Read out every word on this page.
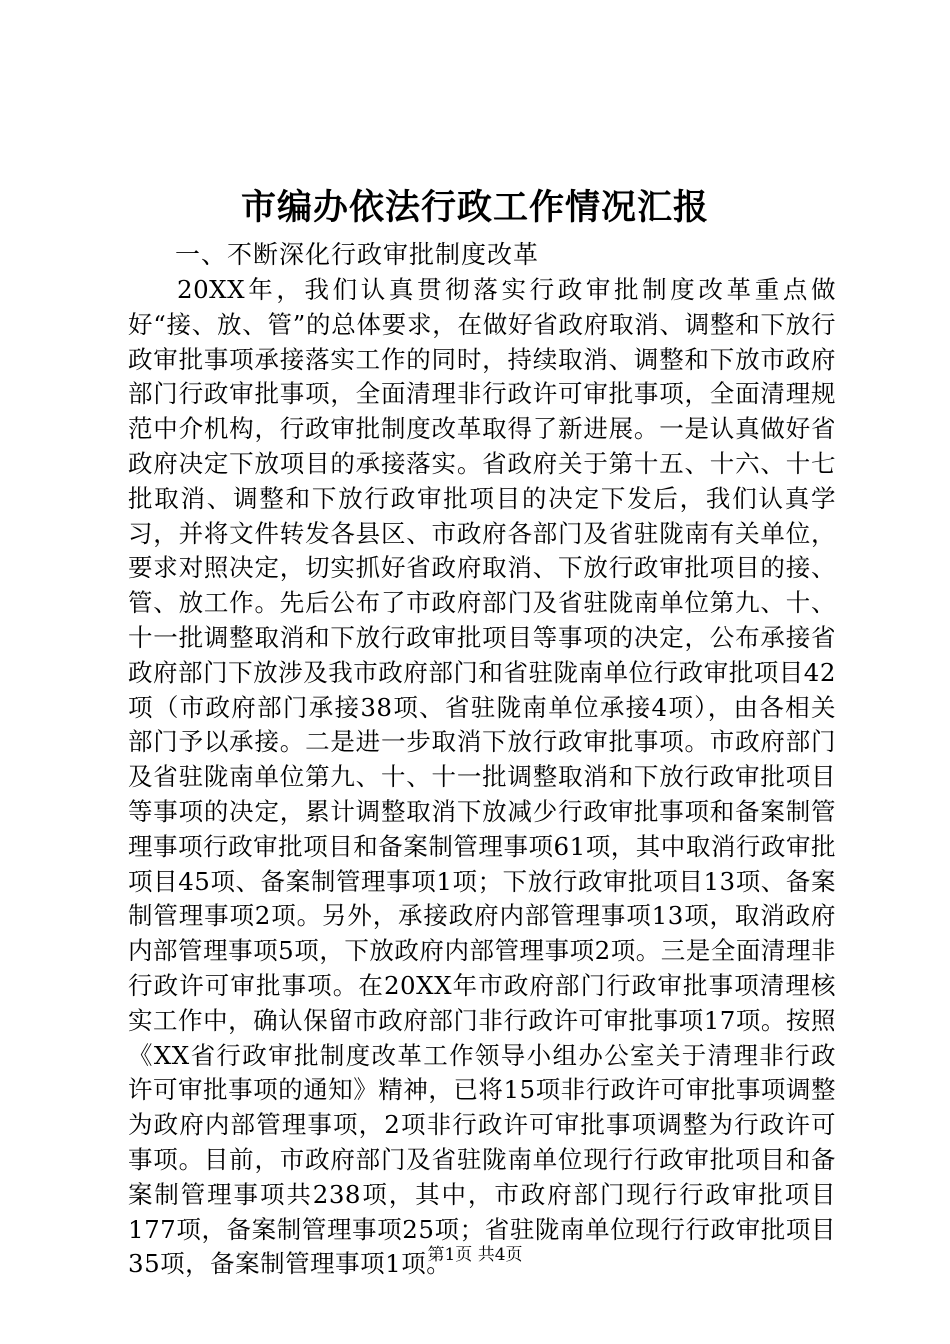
市编办依法行政工作情况汇报

一、不断深化行政审批制度改革

20XX年，我们认真贯彻落实行政审批制度改革重点做好“接、放、管”的总体要求，在做好省政府取消、调整和下放行政审批事项承接落实工作的同时，持续取消、调整和下放市政府部门行政审批事项，全面清理非行政许可审批事项，全面清理规范中介机构，行政审批制度改革取得了新进展。一是认真做好省政府决定下放项目的承接落实。省政府关于第十五、十六、十七批取消、调整和下放行政审批项目的决定下发后，我们认真学习，并将文件转发各县区、市政府各部门及省驻陇南有关单位，要求对照决定，切实抓好省政府取消、下放行政审批项目的接、管、放工作。先后公布了市政府部门及省驻陇南单位第九、十、十一批调整取消和下放行政审批项目等事项的决定，公布承接省政府部门下放涉及我市政府部门和省驻陇南单位行政审批项目42项（市政府部门承接38项、省驻陇南单位承接4项），由各相关部门予以承接。二是进一步取消下放行政审批事项。市政府部门及省驻陇南单位第九、十、十一批调整取消和下放行政审批项目等事项的决定，累计调整取消下放减少行政审批事项和备案制管理事项行政审批项目和备案制管理事项61项，其中取消行政审批项目45项、备案制管理事项1项；下放行政审批项目13项、备案制管理事项2项。另外，承接政府内部管理事项13项，取消政府内部管理事项5项，下放政府内部管理事项2项。三是全面清理非行政许可审批事项。在20XX年市政府部门行政审批事项清理核实工作中，确认保留市政府部门非行政许可审批事项17项。按照《XX省行政审批制度改革工作领导小组办公室关于清理非行政许可审批事项的通知》精神，已将15项非行政许可审批事项调整为政府内部管理事项，2项非行政许可审批事项调整为行政许可事项。目前，市政府部门及省驻陇南单位现行行政审批项目和备案制管理事项共238项，其中，市政府部门现行行政审批项目177项，备案制管理事项25项；省驻陇南单位现行行政审批项目35项，备案制管理事项1项。

第1页 共4页
